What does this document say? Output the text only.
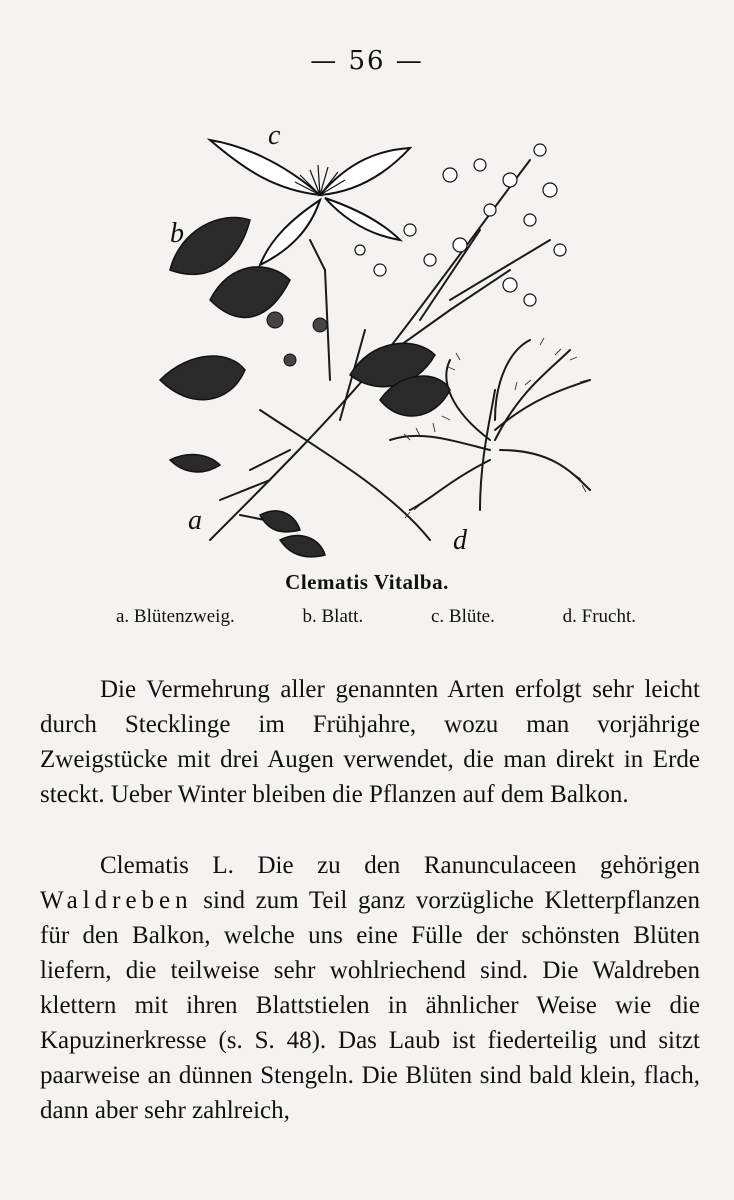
— 56 —
c
b
a
d
Clematis Vitalba.
a. Blütenzweig.	b. Blatt.	c. Blüte.	d. Frucht.

Die Vermehrung aller genannten Arten erfolgt sehr leicht durch Stecklinge im Frühjahre, wozu man vorjährige Zweigstücke mit drei Augen verwendet, die man direkt in Erde steckt. Ueber Winter bleiben die Pflanzen auf dem Balkon.

Clematis L. Die zu den Ranunculaceen gehörigen Waldreben sind zum Teil ganz vorzügliche Kletterpflanzen für den Balkon, welche uns eine Fülle der schönsten Blüten liefern, die teilweise sehr wohlriechend sind. Die Waldreben klettern mit ihren Blattstielen in ähnlicher Weise wie die Kapuzinerkresse (s. S. 48). Das Laub ist fiederteilig und sitzt paarweise an dünnen Stengeln. Die Blüten sind bald klein, flach, dann aber sehr zahlreich,
